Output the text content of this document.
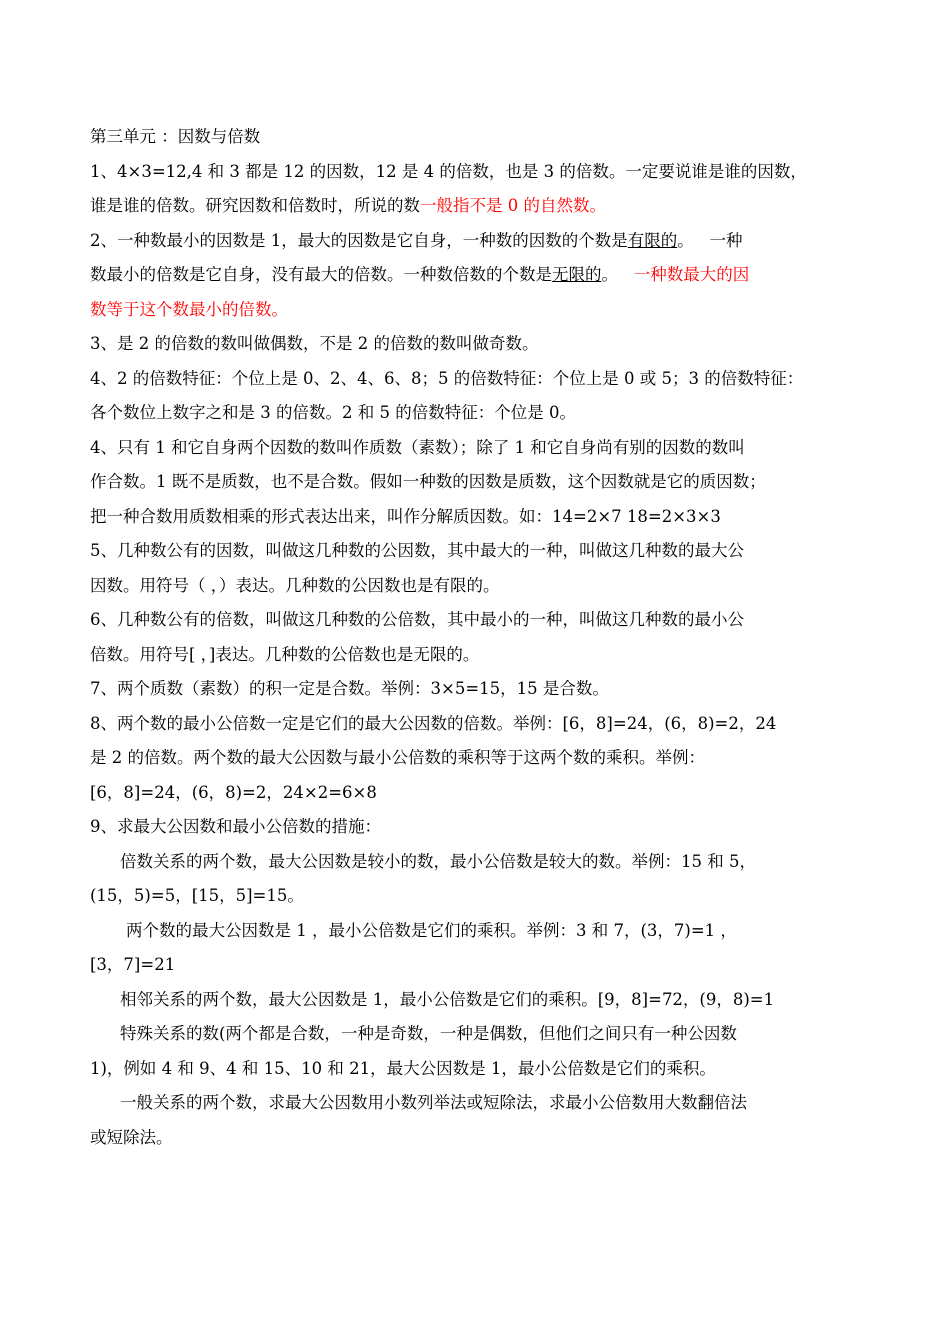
第三单元 ：因数与倍数
1、4×3=12,4 和 3 都是 12 的因数，12 是 4 的倍数，也是 3 的倍数。一定要说谁是谁的因数，
谁是谁的倍数。研究因数和倍数时，所说的数一般指不是 0 的自然数。
2、一种数最小的因数是 1，最大的因数是它自身，一种数的因数的个数是有限的。   一种
数最小的倍数是它自身，没有最大的倍数。一种数倍数的个数是无限的。   一种数最大的因
数等于这个数最小的倍数。
3、是 2 的倍数的数叫做偶数，不是 2 的倍数的数叫做奇数。
4、2 的倍数特征：个位上是 0、2、4、6、8；5 的倍数特征：个位上是 0 或 5；3 的倍数特征：
各个数位上数字之和是 3 的倍数。2 和 5 的倍数特征：个位是 0。
4、只有 1 和它自身两个因数的数叫作质数（素数）；除了 1 和它自身尚有别的因数的数叫
作合数。1 既不是质数，也不是合数。假如一种数的因数是质数，这个因数就是它的质因数；
把一种合数用质数相乘的形式表达出来，叫作分解质因数。如：14=2×7 18=2×3×3
5、几种数公有的因数，叫做这几种数的公因数，其中最大的一种，叫做这几种数的最大公
因数。用符号（ ，）表达。几种数的公因数也是有限的。
6、几种数公有的倍数，叫做这几种数的公倍数，其中最小的一种，叫做这几种数的最小公
倍数。用符号[ ，]表达。几种数的公倍数也是无限的。
7、两个质数（素数）的积一定是合数。举例：3×5=15，15 是合数。
8、两个数的最小公倍数一定是它们的最大公因数的倍数。举例：[6，8]=24，(6，8)=2，24
是 2 的倍数。两个数的最大公因数与最小公倍数的乘积等于这两个数的乘积。举例：
[6，8]=24，(6，8)=2，24×2=6×8
9、求最大公因数和最小公倍数的措施：
倍数关系的两个数，最大公因数是较小的数，最小公倍数是较大的数。举例：15 和 5，
(15，5)=5，[15，5]=15。
两个数的最大公因数是 1 ，最小公倍数是它们的乘积。举例：3 和 7，(3，7)=1 ，
[3，7]=21
相邻关系的两个数，最大公因数是 1，最小公倍数是它们的乘积。[9，8]=72，(9，8)=1
特殊关系的数(两个都是合数，一种是奇数，一种是偶数，但他们之间只有一种公因数
1)，例如 4 和 9、4 和 15、10 和 21，最大公因数是 1，最小公倍数是它们的乘积。
一般关系的两个数，求最大公因数用小数列举法或短除法，求最小公倍数用大数翻倍法
或短除法。
